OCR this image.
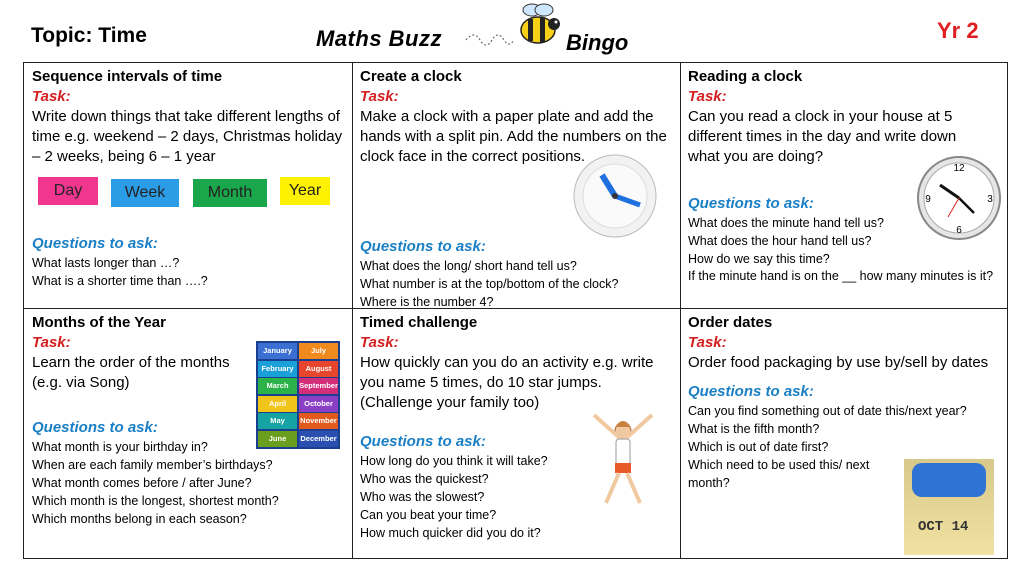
Topic: Time	Maths Buzz	Bingo	Yr 2
Sequence intervals of time
Task:
Write down things that take different lengths of time e.g. weekend – 2 days, Christmas holiday – 2 weeks, being 6 – 1 year
Day	Week	Month	Year
Questions to ask:
What lasts longer than …?
What is a shorter time than ….?
Create a clock
Task:
Make a clock with a paper plate and add the hands with a split pin. Add the numbers on the clock face in the correct positions.
Questions to ask:
What does the long/ short hand tell us?
What number is at the top/bottom of the clock?
Where is the number 4?
Reading a clock
Task:
Can you read a clock in your house at 5 different times in the day and write down what you are doing?
12
3
6
9
Questions to ask:
What does the minute hand tell us?
What does the hour hand tell us?
How do we say this time?
If the minute hand is on the __ how many minutes is it?
Months of the Year
Task:
Learn the order of the months (e.g. via Song)
January	July
February	August
March	September
April	October
May	November
June	December
Questions to ask:
What month is your birthday in?
When are each family member’s birthdays?
What month comes before / after June?
Which month is the longest, shortest month?
Which months belong in each season?
Timed challenge
Task:
How quickly can you do an activity e.g. write you name 5 times, do 10 star jumps. (Challenge your family too)
Questions to ask:
How long do you think it will take?
Who was the quickest?
Who was the slowest?
Can you beat your time?
How much quicker did you do it?
Order dates
Task:
Order food packaging by use by/sell by dates
Questions to ask:
Can you find something out of date this/next year?
What is the fifth month?
Which is out of date first?
Which need to be used this/ next month?
OCT 14
